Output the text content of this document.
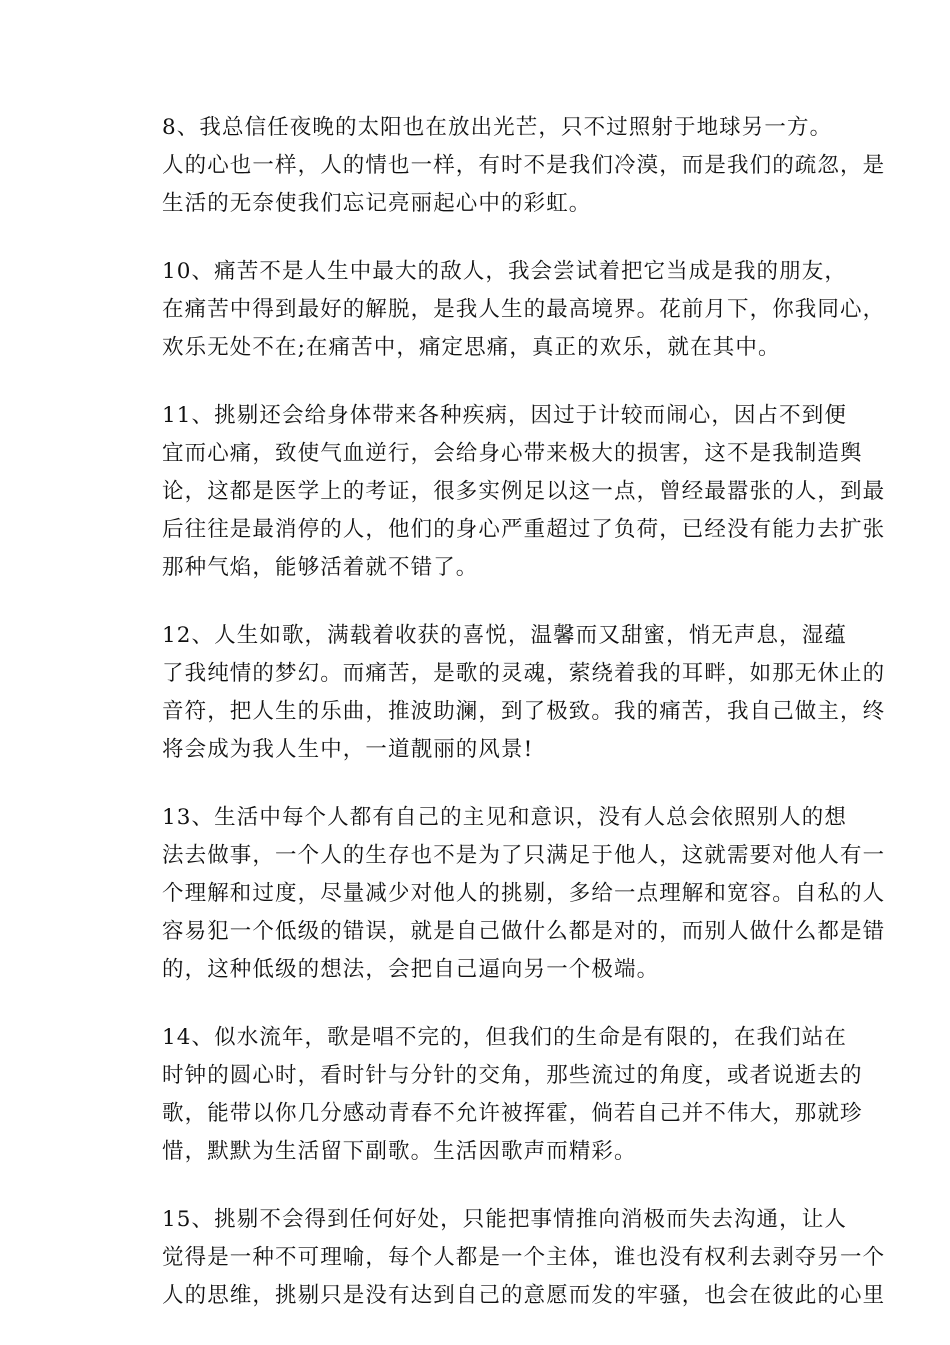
8、我总信任夜晚的太阳也在放出光芒，只不过照射于地球另一方。
人的心也一样，人的情也一样，有时不是我们冷漠，而是我们的疏忽，是
生活的无奈使我们忘记亮丽起心中的彩虹。

10、痛苦不是人生中最大的敌人，我会尝试着把它当成是我的朋友，
在痛苦中得到最好的解脱，是我人生的最高境界。花前月下，你我同心，
欢乐无处不在;在痛苦中，痛定思痛，真正的欢乐，就在其中。

11、挑剔还会给身体带来各种疾病，因过于计较而闹心，因占不到便
宜而心痛，致使气血逆行，会给身心带来极大的损害，这不是我制造舆
论，这都是医学上的考证，很多实例足以这一点，曾经最嚣张的人，到最
后往往是最消停的人，他们的身心严重超过了负荷，已经没有能力去扩张
那种气焰，能够活着就不错了。

12、人生如歌，满载着收获的喜悦，温馨而又甜蜜，悄无声息，湿蕴
了我纯情的梦幻。而痛苦，是歌的灵魂，萦绕着我的耳畔，如那无休止的
音符，把人生的乐曲，推波助澜，到了极致。我的痛苦，我自己做主，终
将会成为我人生中，一道靓丽的风景!

13、生活中每个人都有自己的主见和意识，没有人总会依照别人的想
法去做事，一个人的生存也不是为了只满足于他人，这就需要对他人有一
个理解和过度，尽量减少对他人的挑剔，多给一点理解和宽容。自私的人
容易犯一个低级的错误，就是自己做什么都是对的，而别人做什么都是错
的，这种低级的想法，会把自己逼向另一个极端。

14、似水流年，歌是唱不完的，但我们的生命是有限的，在我们站在
时钟的圆心时，看时针与分针的交角，那些流过的角度，或者说逝去的
歌，能带以你几分感动青春不允许被挥霍，倘若自己并不伟大，那就珍
惜，默默为生活留下副歌。生活因歌声而精彩。

15、挑剔不会得到任何好处，只能把事情推向消极而失去沟通，让人
觉得是一种不可理喻，每个人都是一个主体，谁也没有权利去剥夺另一个
人的思维，挑剔只是没有达到自己的意愿而发的牢骚，也会在彼此的心里
